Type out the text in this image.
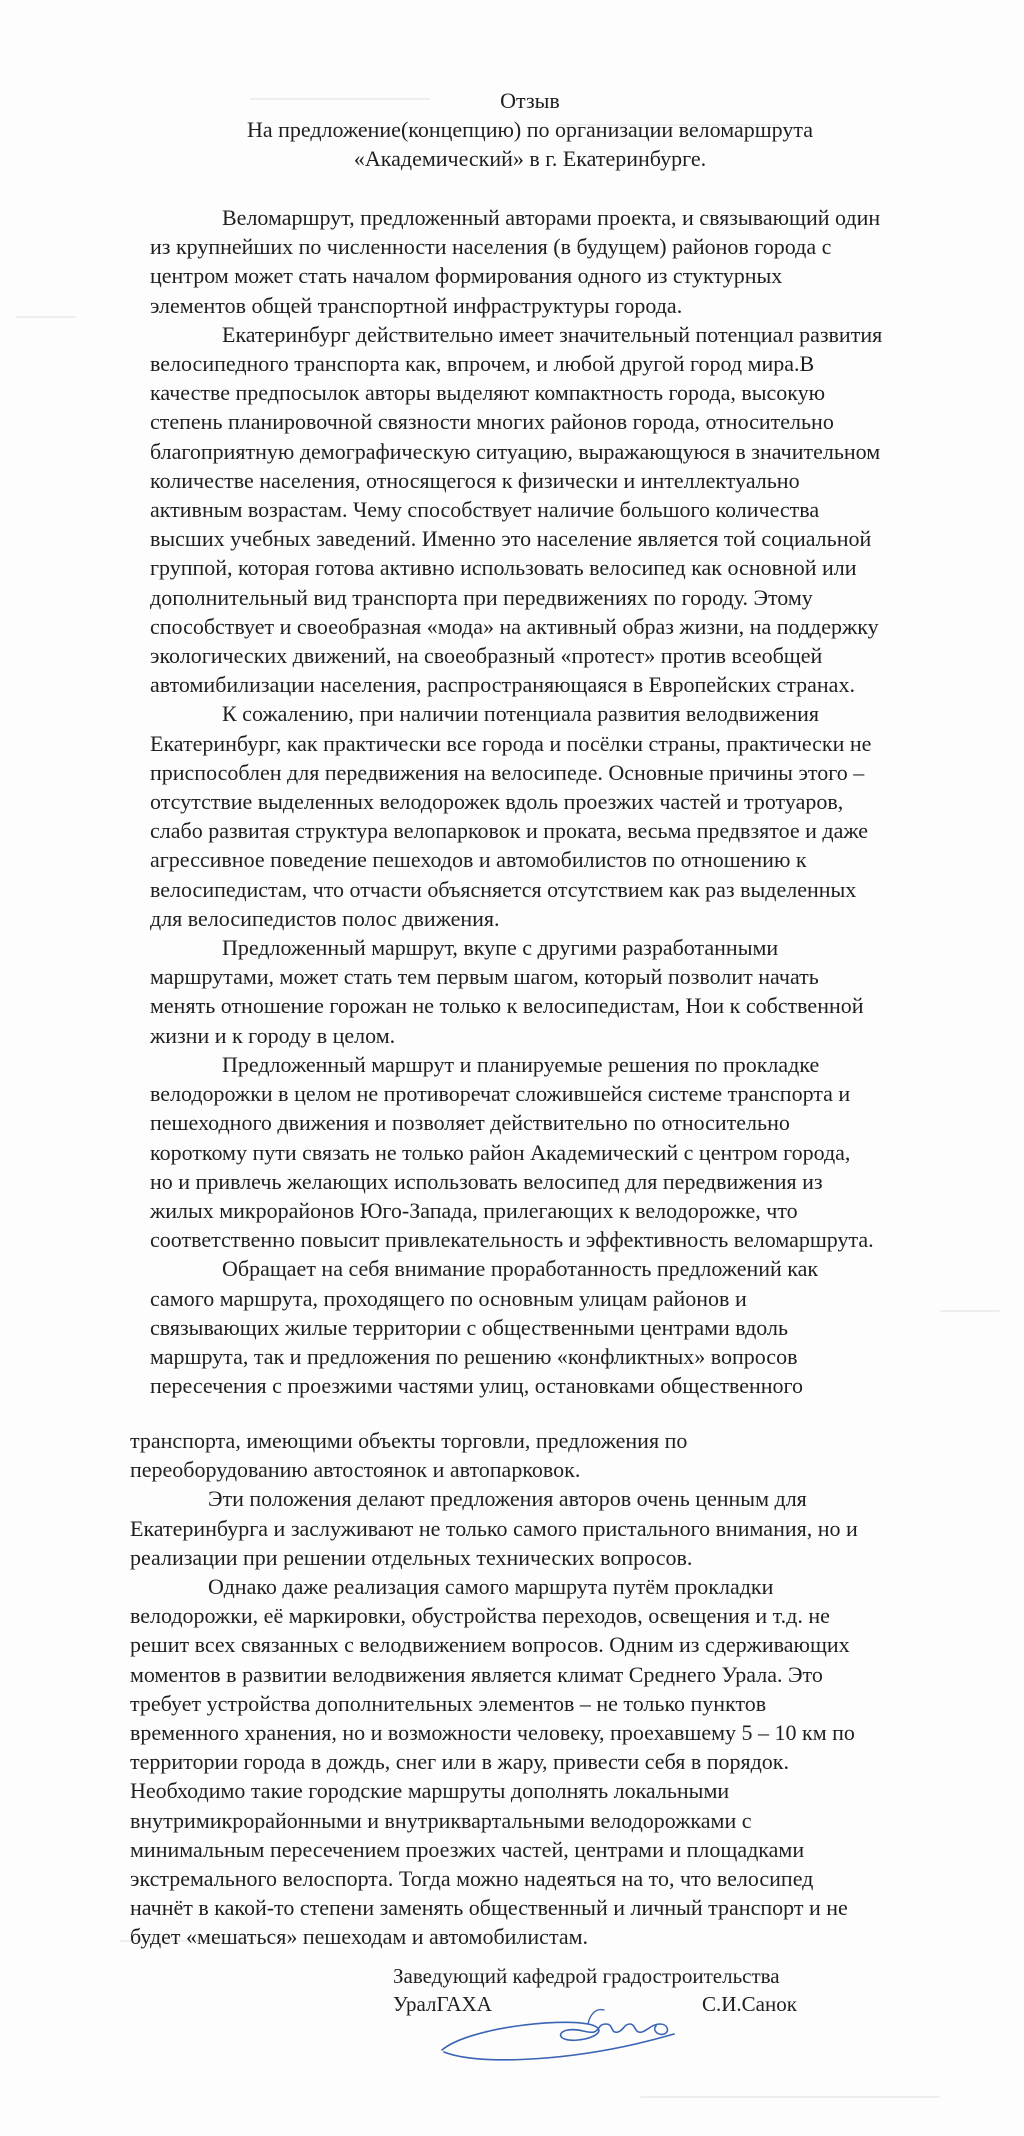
Отзыв
На предложение(концепцию) по организации веломаршрута
«Академический» в г. Екатеринбурге.

Веломаршрут, предложенный авторами проекта, и связывающий один

из крупнейших по численности населения (в будущем) районов города с

центром может стать началом формирования одного из стуктурных

элементов общей транспортной инфраструктуры города.

Екатеринбург действительно имеет значительный потенциал развития

велосипедного транспорта как, впрочем, и любой другой город мира.В

качестве предпосылок авторы выделяют компактность города, высокую

степень планировочной связности многих районов города, относительно

благоприятную демографическую ситуацию, выражающуюся в значительном

количестве населения, относящегося к физически и интеллектуально

активным возрастам. Чему способствует наличие большого количества

высших учебных заведений. Именно это население является той социальной

группой, которая готова активно использовать велосипед как основной или

дополнительный вид транспорта при передвижениях по городу. Этому

способствует и своеобразная «мода» на активный образ жизни, на поддержку

экологических движений, на своеобразный «протест» против всеобщей

автомибилизации населения, распространяющаяся в Европейских странах.

К сожалению, при наличии потенциала развития велодвижения

Екатеринбург, как практически все города и посёлки страны, практически не

приспособлен для передвижения на велосипеде. Основные причины этого –

отсутствие выделенных велодорожек вдоль проезжих частей и тротуаров,

слабо развитая структура велопарковок и проката, весьма предвзятое и даже

агрессивное поведение пешеходов и автомобилистов по отношению к

велосипедистам, что отчасти объясняется отсутствием как раз выделенных

для велосипедистов полос движения.

Предложенный маршрут, вкупе с другими разработанными

маршрутами, может стать тем первым шагом, который позволит начать

менять отношение горожан не только к велосипедистам, Нои к собственной

жизни и к городу в целом.

Предложенный маршрут и планируемые решения по прокладке

велодорожки в целом не противоречат сложившейся системе транспорта и

пешеходного движения и позволяет действительно по относительно

короткому пути связать не только район Академический с центром города,

но и привлечь желающих использовать велосипед для передвижения из

жилых микрорайонов Юго-Запада, прилегающих к велодорожке, что

соответственно повысит привлекательность и эффективность веломаршрута.

Обращает на себя внимание проработанность предложений как

самого маршрута, проходящего по основным улицам районов и

связывающих жилые территории с общественными центрами вдоль

маршрута, так и предложения по решению «конфликтных» вопросов

пересечения с проезжими частями улиц, остановками общественного

транспорта, имеющими объекты торговли, предложения по

переоборудованию автостоянок и автопарковок.

Эти положения делают предложения авторов очень ценным для

Екатеринбурга и заслуживают не только самого пристального внимания, но и

реализации при решении отдельных технических вопросов.

Однако даже реализация самого маршрута путём прокладки

велодорожки, её маркировки, обустройства переходов, освещения и т.д. не

решит всех связанных с велодвижением вопросов. Одним из сдерживающих

моментов в развитии велодвижения является климат Среднего Урала. Это

требует устройства дополнительных элементов – не только пунктов

временного хранения, но и возможности человеку, проехавшему 5 – 10 км по

территории города в дождь, снег или в жару, привести себя в порядок.

Необходимо такие городские маршруты дополнять локальными

внутримикрорайонными и внутриквартальными велодорожками с

минимальным пересечением проезжих частей, центрами и площадками

экстремального велоспорта. Тогда можно надеяться на то, что велосипед

начнёт в какой-то степени заменять общественный и личный транспорт и не

будет «мешаться» пешеходам и автомобилистам.

Заведующий кафедрой градостроительства
УралГАХА	С.И.Санок
